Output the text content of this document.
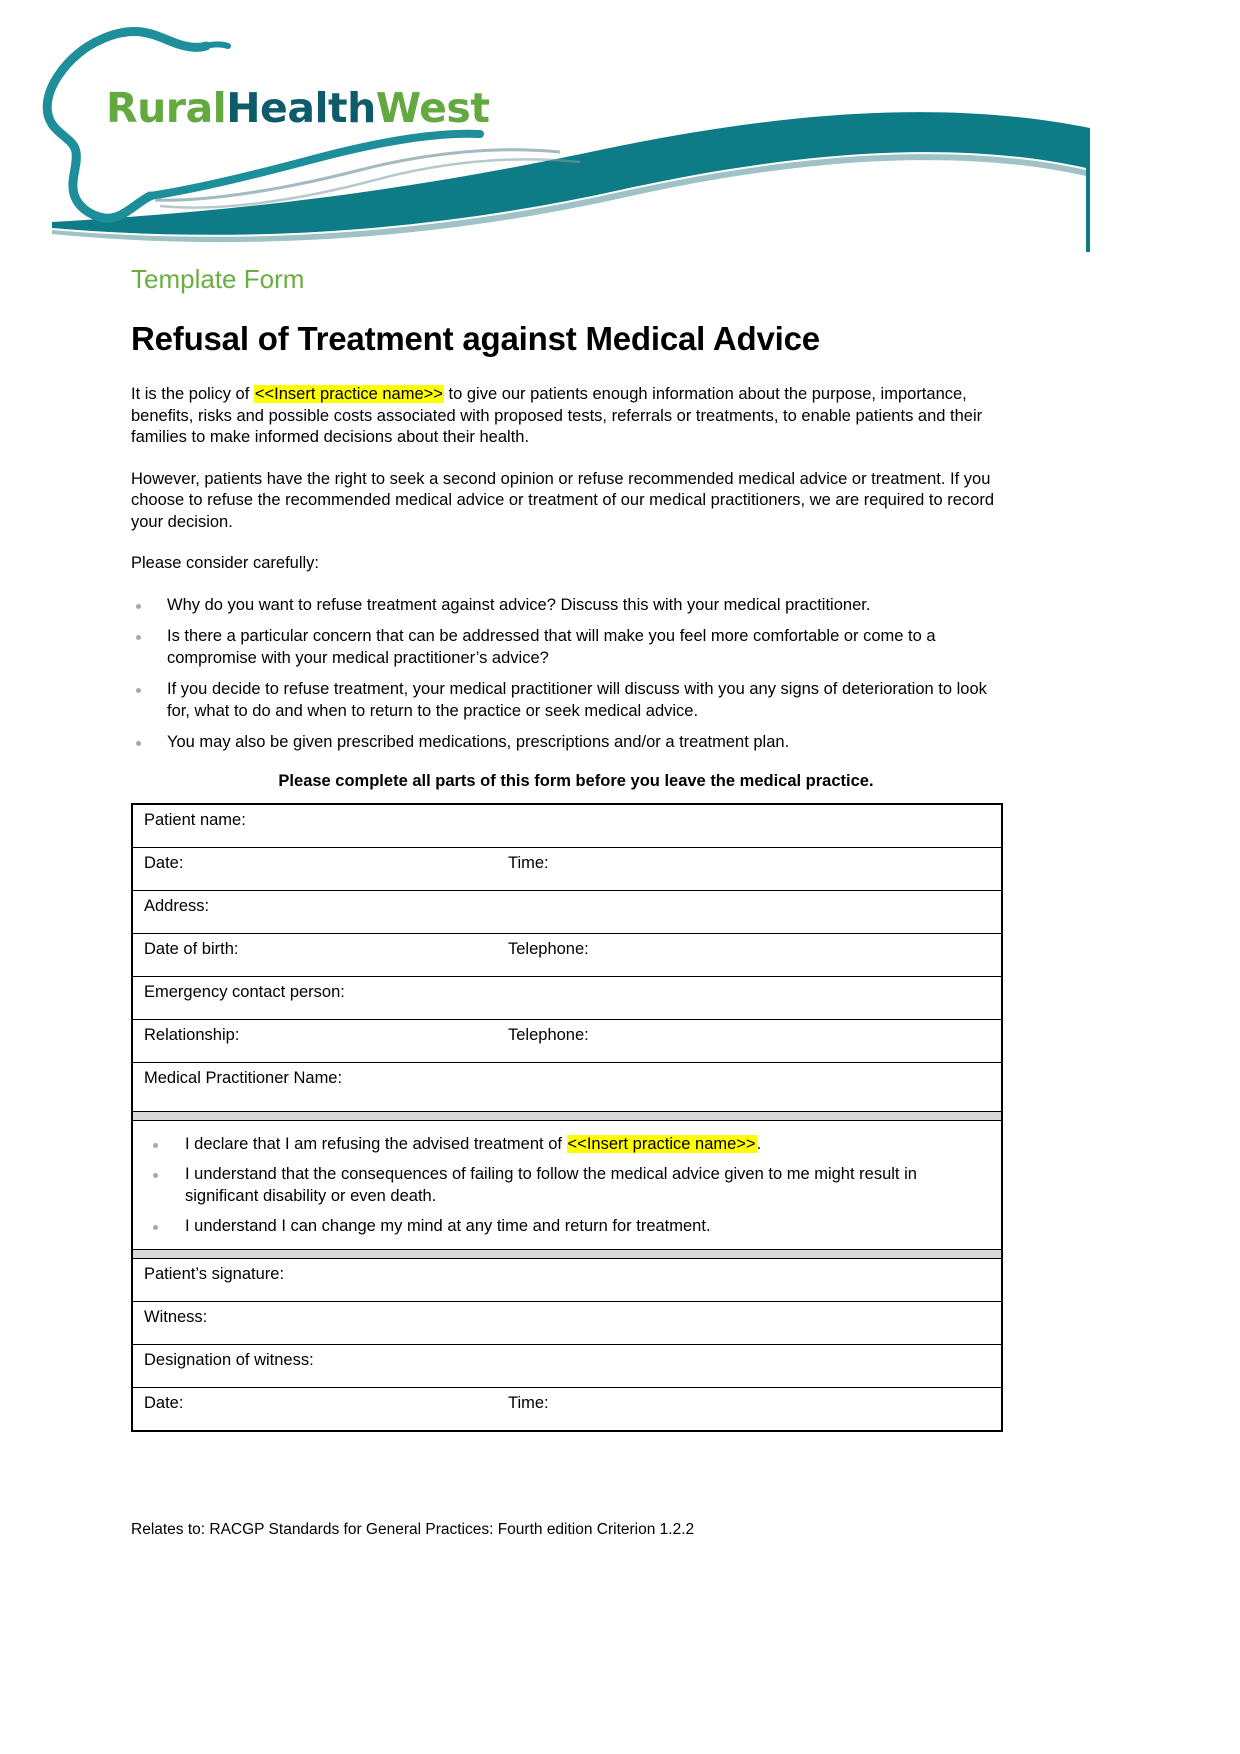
RuralHealthWest
Template Form
Refusal of Treatment against Medical Advice

It is the policy of <<Insert practice name>> to give our patients enough information about the purpose, importance, benefits, risks and possible costs associated with proposed tests, referrals or treatments, to enable patients and their families to make informed decisions about their health.

However, patients have the right to seek a second opinion or refuse recommended medical advice or treatment. If you choose to refuse the recommended medical advice or treatment of our medical practitioners, we are required to record your decision.

Please consider carefully:

Why do you want to refuse treatment against advice? Discuss this with your medical practitioner.
Is there a particular concern that can be addressed that will make you feel more comfortable or come to a compromise with your medical practitioner’s advice?
If you decide to refuse treatment, your medical practitioner will discuss with you any signs of deterioration to look for, what to do and when to return to the practice or seek medical advice.
You may also be given prescribed medications, prescriptions and/or a treatment plan.
Please complete all parts of this form before you leave the medical practice.
Patient name:	
Date:	Time:
Address:	
Date of birth:	Telephone:
Emergency contact person:	
Relationship:	Telephone:
Medical Practitioner Name:	

I declare that I am refusing the advised treatment of <<Insert practice name>>.
I understand that the consequences of failing to follow the medical advice given to me might result in significant disability or even death.
I understand I can change my mind at any time and return for treatment.

Patient’s signature:	
Witness:	
Designation of witness:	
Date:	Time:
Relates to: RACGP Standards for General Practices: Fourth edition Criterion 1.2.2
